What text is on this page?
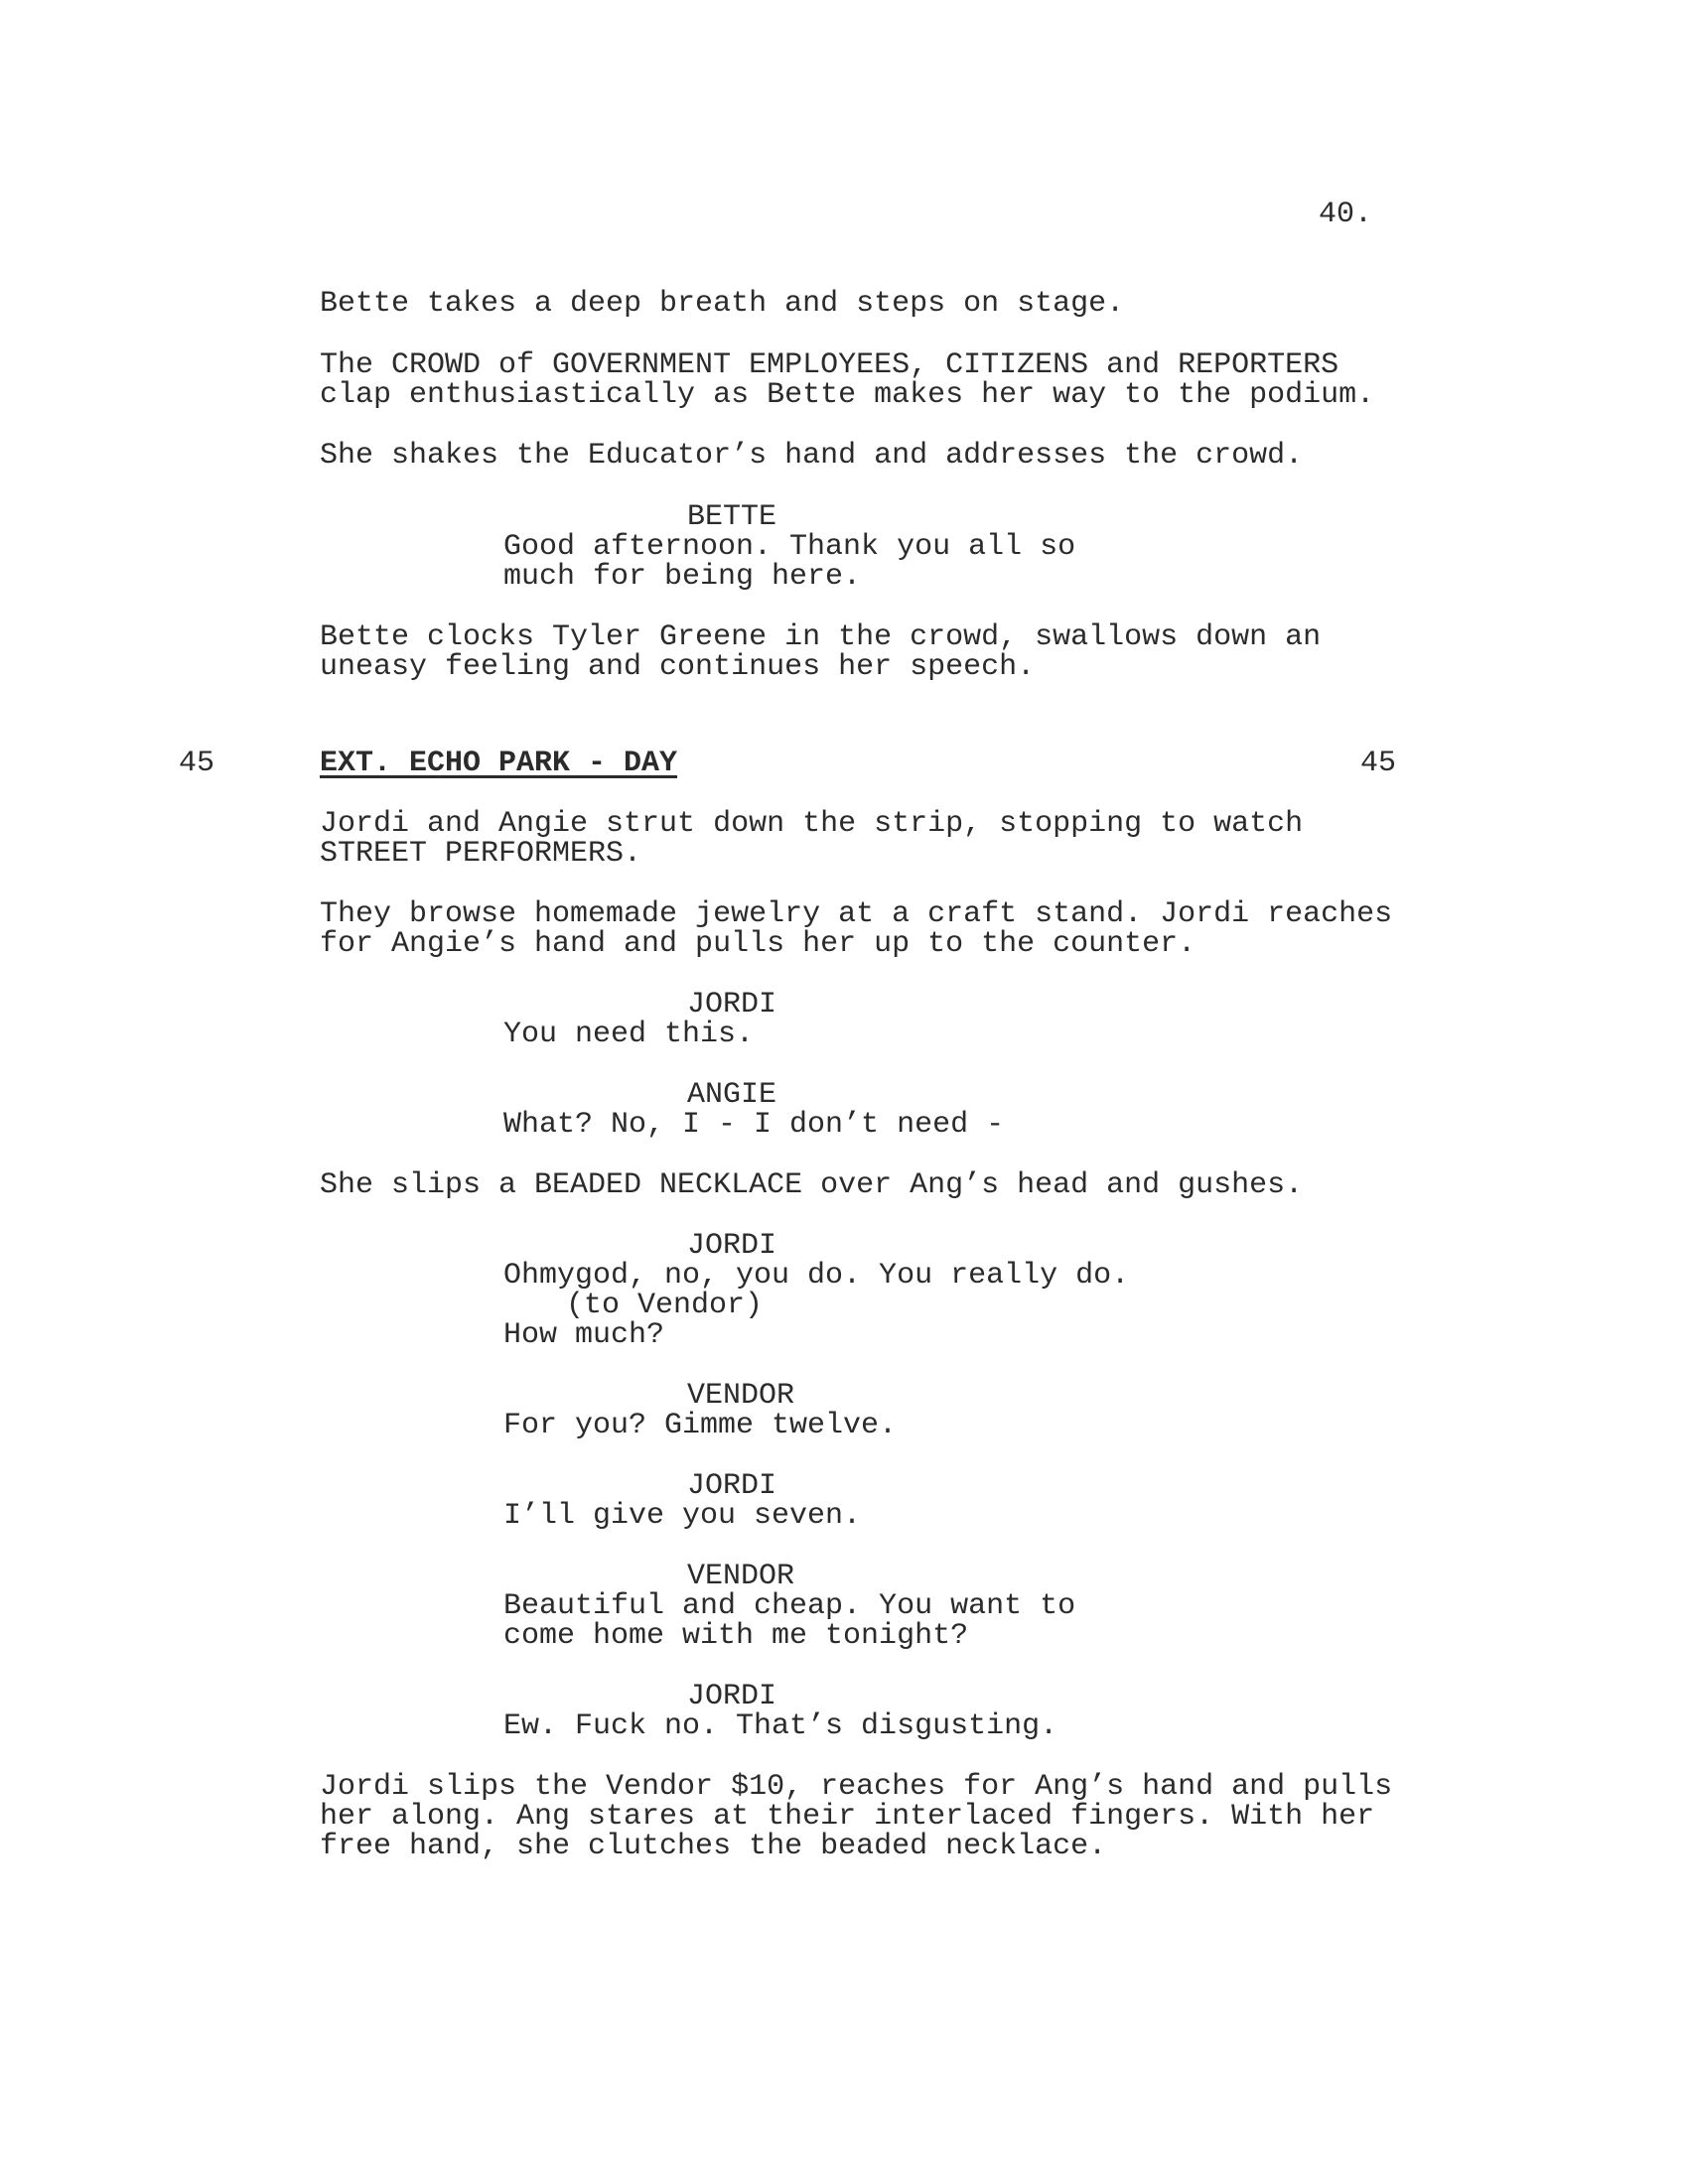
40.
Bette takes a deep breath and steps on stage.
The CROWD of GOVERNMENT EMPLOYEES, CITIZENS and REPORTERS
clap enthusiastically as Bette makes her way to the podium.
She shakes the Educator’s hand and addresses the crowd.
BETTE
Good afternoon. Thank you all so
much for being here.
Bette clocks Tyler Greene in the crowd, swallows down an
uneasy feeling and continues her speech.
45	EXT. ECHO PARK - DAY	45
Jordi and Angie strut down the strip, stopping to watch
STREET PERFORMERS.
They browse homemade jewelry at a craft stand. Jordi reaches
for Angie’s hand and pulls her up to the counter.
JORDI
You need this.
ANGIE
What? No, I - I don’t need -
She slips a BEADED NECKLACE over Ang’s head and gushes.
JORDI
Ohmygod, no, you do. You really do.
(to Vendor)
How much?
VENDOR
For you? Gimme twelve.
JORDI
I’ll give you seven.
VENDOR
Beautiful and cheap. You want to
come home with me tonight?
JORDI
Ew. Fuck no. That’s disgusting.
Jordi slips the Vendor $10, reaches for Ang’s hand and pulls
her along. Ang stares at their interlaced fingers. With her
free hand, she clutches the beaded necklace.
